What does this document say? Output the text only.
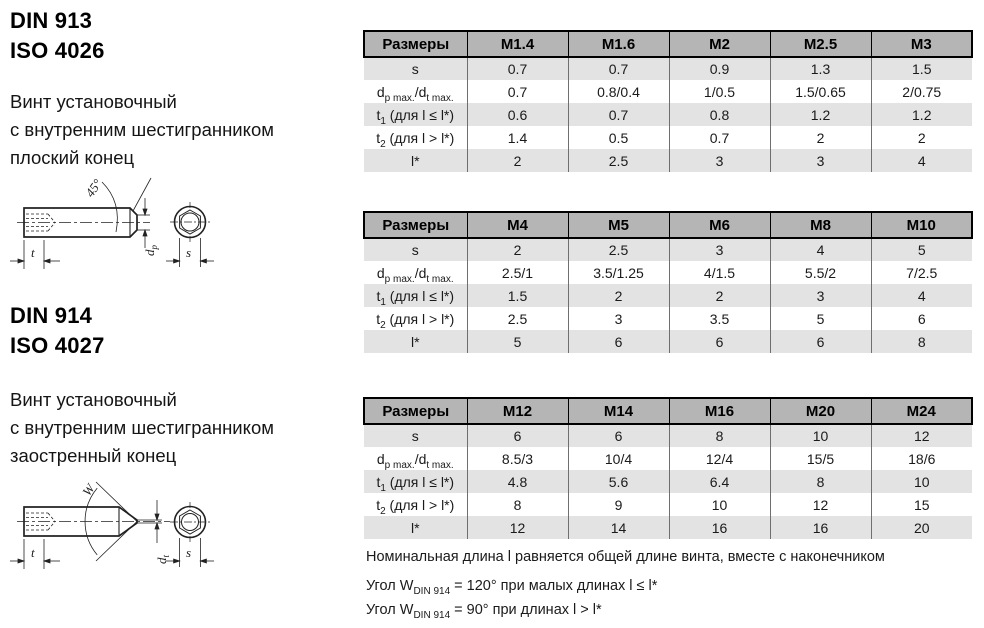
DIN 913
ISO 4026
Винт установочный
с внутренним шестигранником
плоский конец
45°
t	$d_p$ s
DIN 914
ISO 4027
Винт установочный
с внутренним шестигранником
заостренный конец
W
t
$d_t$ s
Размеры	M1.4	M1.6	M2	M2.5	M3
s	0.7	0.7	0.9	1.3	1.5
$d_{p max.}/d_{t max.}$	0.7	0.8/0.4	1/0.5	1.5/0.65	2/0.75
$t_1$ (для l ≤ l*)	0.6	0.7	0.8	1.2	1.2
$t_2$ (для l > l*)	1.4	0.5	0.7	2	2
l*	2	2.5	3	3	4
Размеры	M4	M5	M6	M8	M10
s	2	2.5	3	4	5
$d_{p max.}/d_{t max.}$	2.5/1	3.5/1.25	4/1.5	5.5/2	7/2.5
$t_1$ (для l ≤ l*)	1.5	2	2	3	4
$t_2$ (для l > l*)	2.5	3	3.5	5	6
l*	5	6	6	6	8
Размеры	M12	M14	M16	M20	M24
s	6	6	8	10	12
$d_{p max.}/d_{t max.}$	8.5/3	10/4	12/4	15/5	18/6
$t_1$ (для l ≤ l*)	4.8	5.6	6.4	8	10
$t_2$ (для l > l*)	8	9	10	12	15
l*	12	14	16	16	20
Номинальная длина l равняется общей длине винта, вместе с наконечником
Угол $W_{DIN 914} = 120^\circ$ при малых длинах l ≤ l*
Угол $W_{DIN 914} = 90^\circ$ при длинах l > l*
